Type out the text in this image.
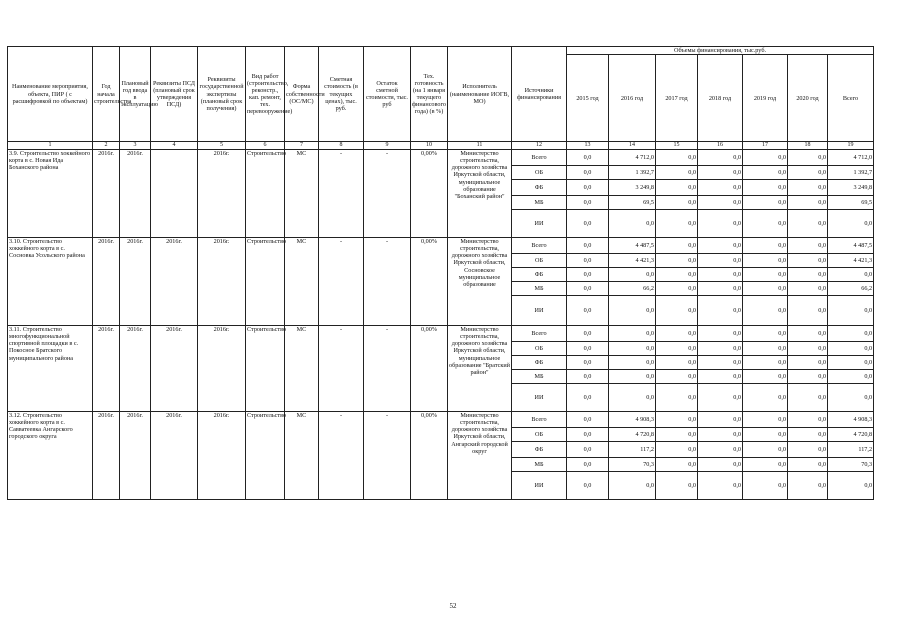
Наименование мероприятия, объекта, ПИР ( с расшифровкой по объектам)	Год начала строительства	Плановый год ввода в эксплуатацию	Реквизиты ПСД (плановый срок утверждения ПСД)	Реквизиты государственной экспертизы (плановый срок получения)	Вид работ (строительство, реконстр., кап. ремонт, тех. перевооружение)	Форма собственности (ОС/МС)	Сметная стоимость (в текущих ценах), тыс. руб.	Остаток сметной стоимости, тыс. руб	Тех. готовность (на 1 января текущего финансового года) (в %)	Исполнитель (наименование ИОГВ, МО)	Источники финансирования	Объемы финансирования, тыс.руб.						
												2015 год	2016 год	2017 год	2018 год	2019 год	2020 год	Всего
1	2	3	4	5	6	7	8	9	10	11	12	13	14	15	16	17	18	19
3.9. Строительство хоккейного корта в с. Новая Ида Боханского района	2016г.	2016г.		2016г.	Строительство	МС	-	-	0,00%	Министерство строительства, дорожного хозяйства Иркутской области, муниципальное образование "Боханский район"	Всего	0,0	4 712,0	0,0	0,0	0,0	0,0	4 712,0
											ОБ	0,0	1 392,7	0,0	0,0	0,0	0,0	1 392,7
											ФБ	0,0	3 249,8	0,0	0,0	0,0	0,0	3 249,8
											МБ	0,0	69,5	0,0	0,0	0,0	0,0	69,5
											ИИ	0,0	0,0	0,0	0,0	0,0	0,0	0,0
3.10. Строительство хоккейного корта в с. Сосновка Усольского района	2016г.	2016г.	2016г.	2016г.	Строительство	МС	-	-	0,00%	Министерство строительства, дорожного хозяйства Иркутской области, Сосновское муниципальное образование	Всего	0,0	4 487,5	0,0	0,0	0,0	0,0	4 487,5
											ОБ	0,0	4 421,3	0,0	0,0	0,0	0,0	4 421,3
											ФБ	0,0	0,0	0,0	0,0	0,0	0,0	0,0
											МБ	0,0	66,2	0,0	0,0	0,0	0,0	66,2
											ИИ	0,0	0,0	0,0	0,0	0,0	0,0	0,0
3.11. Строительство многофункциональной спортивной площадки в с. Покосное Братского муниципального района	2016г.	2016г.	2016г.	2016г.	Строительство	МС	-	-	0,00%	Министерство строительства, дорожного хозяйства Иркутской области, муниципальное образование "Братский район"	Всего	0,0	0,0	0,0	0,0	0,0	0,0	0,0
											ОБ	0,0	0,0	0,0	0,0	0,0	0,0	0,0
											ФБ	0,0	0,0	0,0	0,0	0,0	0,0	0,0
											МБ	0,0	0,0	0,0	0,0	0,0	0,0	0,0
											ИИ	0,0	0,0	0,0	0,0	0,0	0,0	0,0
3.12. Строительство хоккейного корта в с. Савватеевка Ангарского городского округа	2016г.	2016г.	2016г.	2016г.	Строительство	МС	-	-	0,00%	Министерство строительства, дорожного хозяйства Иркутской области, Ангарский городской округ	Всего	0,0	4 908,3	0,0	0,0	0,0	0,0	4 908,3
											ОБ	0,0	4 720,8	0,0	0,0	0,0	0,0	4 720,8
											ФБ	0,0	117,2	0,0	0,0	0,0	0,0	117,2
											МБ	0,0	70,3	0,0	0,0	0,0	0,0	70,3
											ИИ	0,0	0,0	0,0	0,0	0,0	0,0	0,0
52
